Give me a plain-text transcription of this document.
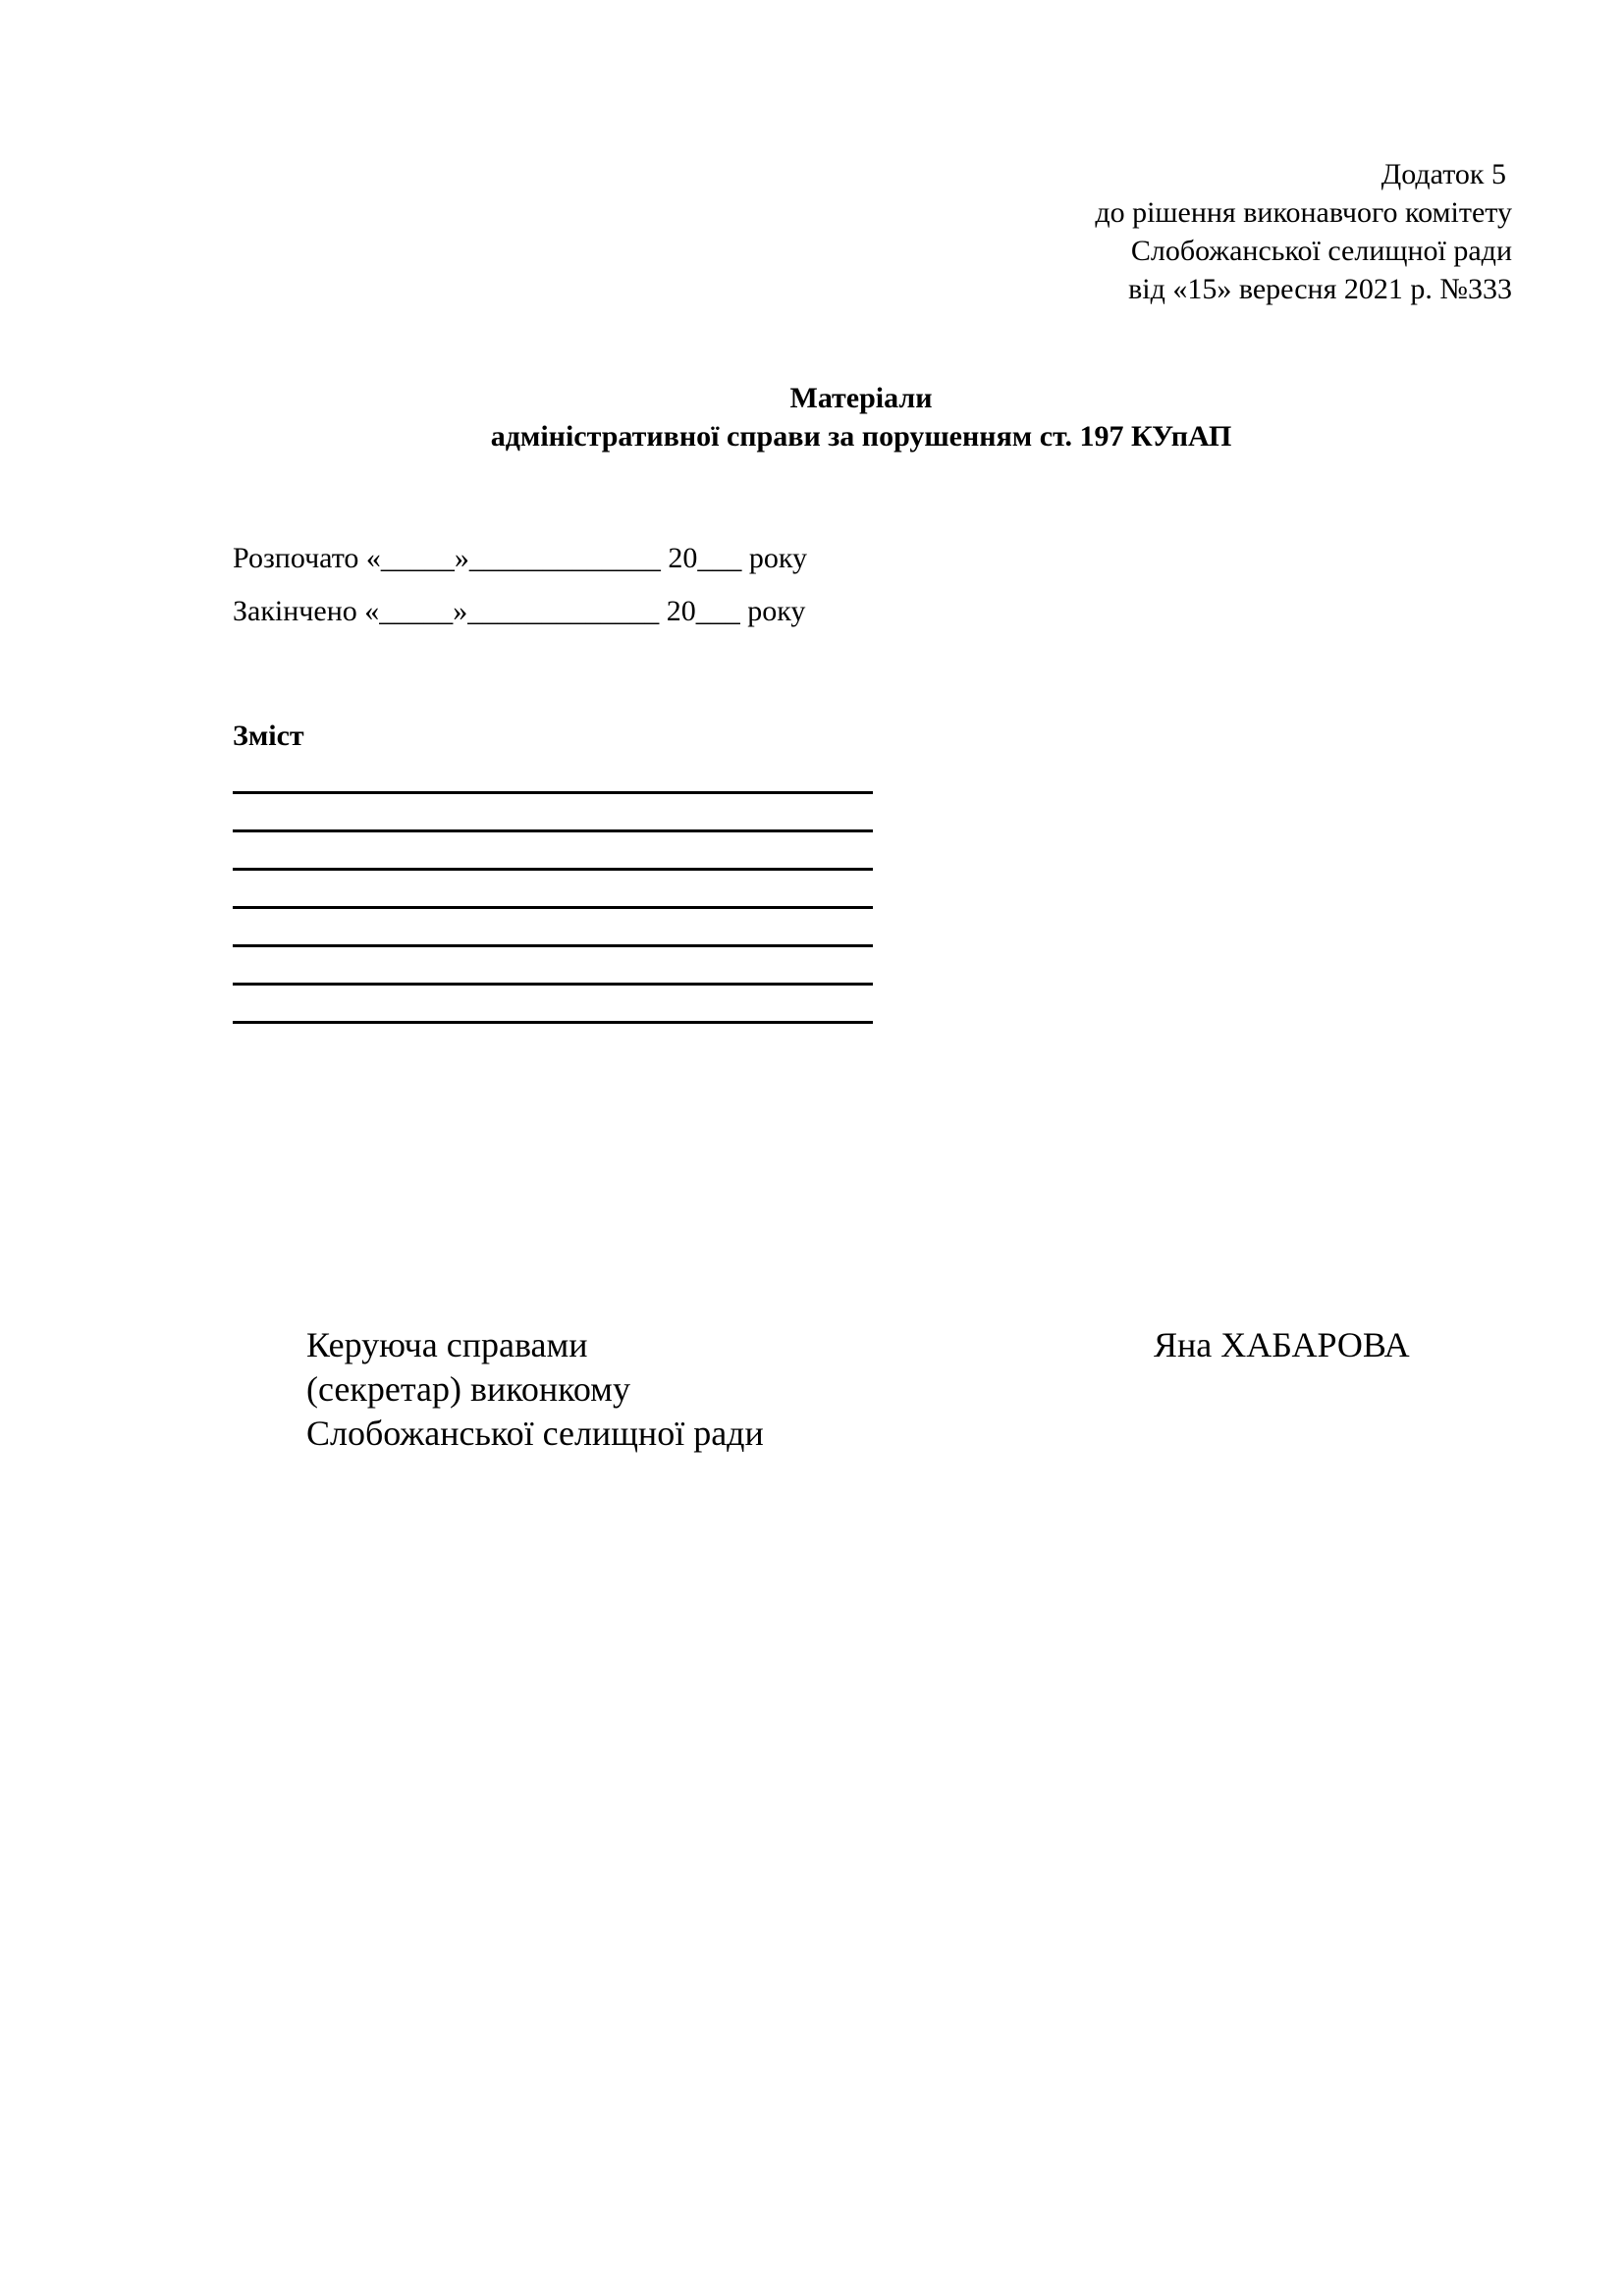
Додаток 5
до рішення виконавчого комітету
Слобожанської селищної ради
від «15» вересня 2021 р. №333
Матеріали
адміністративної справи за порушенням ст. 197 КУпАП
Розпочато «_____»_____________ 20___ року
Закінчено «_____»_____________ 20___ року
Зміст
Керуюча справами
(секретар) виконкому
Слобожанської селищної ради
Яна ХАБАРОВА
